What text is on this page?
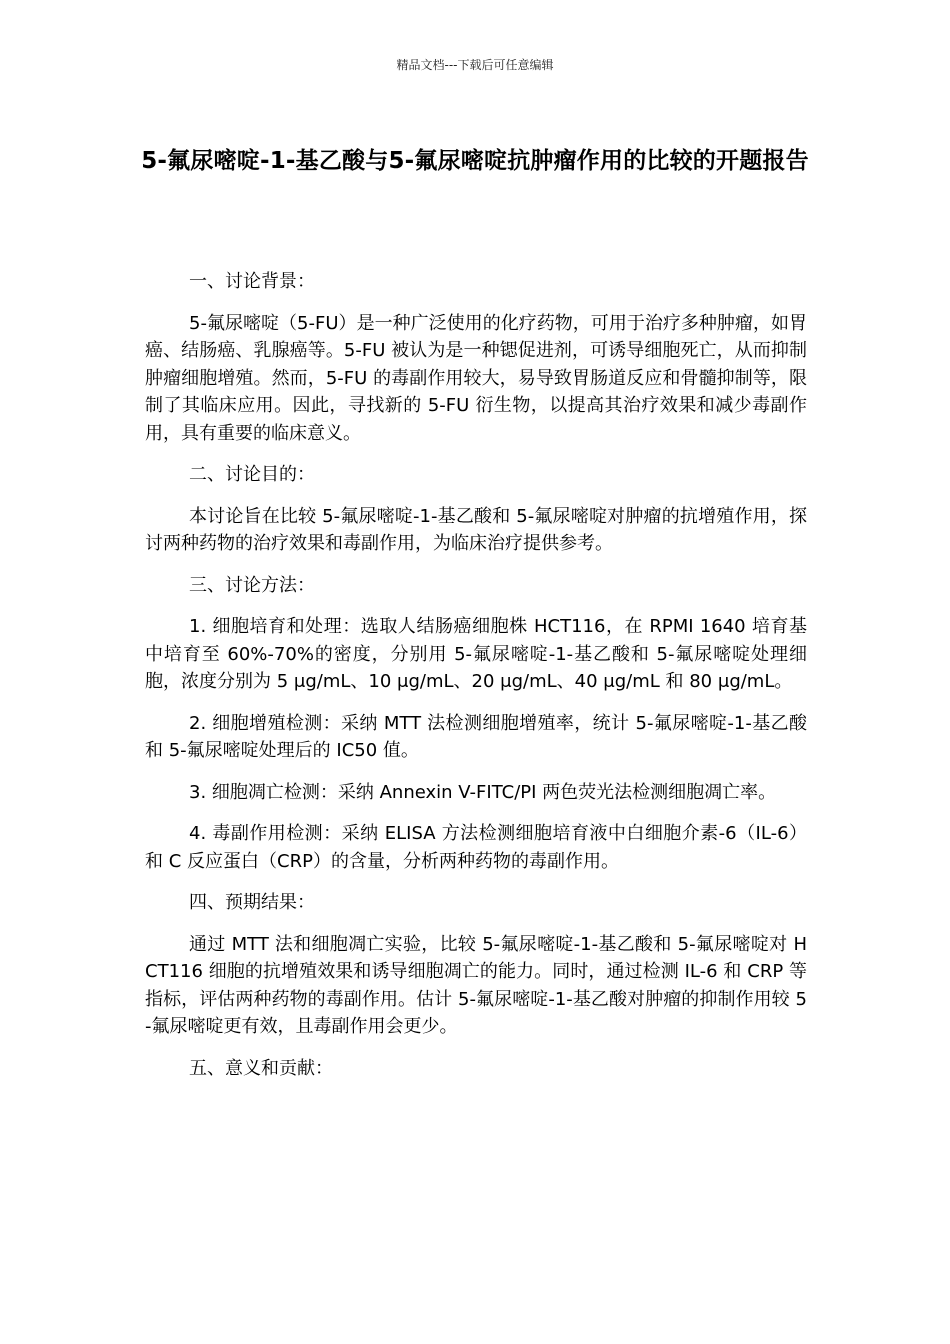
精品文档---下载后可任意编辑
5-氟尿嘧啶-1-基乙酸与5-氟尿嘧啶抗肿瘤作用的比较的开题报告
一、讨论背景：
5-氟尿嘧啶（5-FU）是一种广泛使用的化疗药物，可用于治疗多种肿瘤，如胃癌、结肠癌、乳腺癌等。5-FU 被认为是一种锶促进剂，可诱导细胞死亡，从而抑制肿瘤细胞增殖。然而，5-FU 的毒副作用较大，易导致胃肠道反应和骨髓抑制等，限制了其临床应用。因此，寻找新的 5-FU 衍生物，以提高其治疗效果和减少毒副作用，具有重要的临床意义。
二、讨论目的：
本讨论旨在比较 5-氟尿嘧啶-1-基乙酸和 5-氟尿嘧啶对肿瘤的抗增殖作用，探讨两种药物的治疗效果和毒副作用，为临床治疗提供参考。
三、讨论方法：
1. 细胞培育和处理：选取人结肠癌细胞株 HCT116，在 RPMI 1640 培育基中培育至 60%-70%的密度，分别用 5-氟尿嘧啶-1-基乙酸和 5-氟尿嘧啶处理细胞，浓度分别为 5 μg/mL、10 μg/mL、20 μg/mL、40 μg/mL 和 80 μg/mL。
2. 细胞增殖检测：采纳 MTT 法检测细胞增殖率，统计 5-氟尿嘧啶-1-基乙酸和 5-氟尿嘧啶处理后的 IC50 值。
3. 细胞凋亡检测：采纳 Annexin V-FITC/PI 两色荧光法检测细胞凋亡率。
4. 毒副作用检测：采纳 ELISA 方法检测细胞培育液中白细胞介素-6（IL-6）和 C 反应蛋白（CRP）的含量，分析两种药物的毒副作用。
四、预期结果：
通过 MTT 法和细胞凋亡实验，比较 5-氟尿嘧啶-1-基乙酸和 5-氟尿嘧啶对 HCT116 细胞的抗增殖效果和诱导细胞凋亡的能力。同时，通过检测 IL-6 和 CRP 等指标，评估两种药物的毒副作用。估计 5-氟尿嘧啶-1-基乙酸对肿瘤的抑制作用较 5-氟尿嘧啶更有效，且毒副作用会更少。
五、意义和贡献：
